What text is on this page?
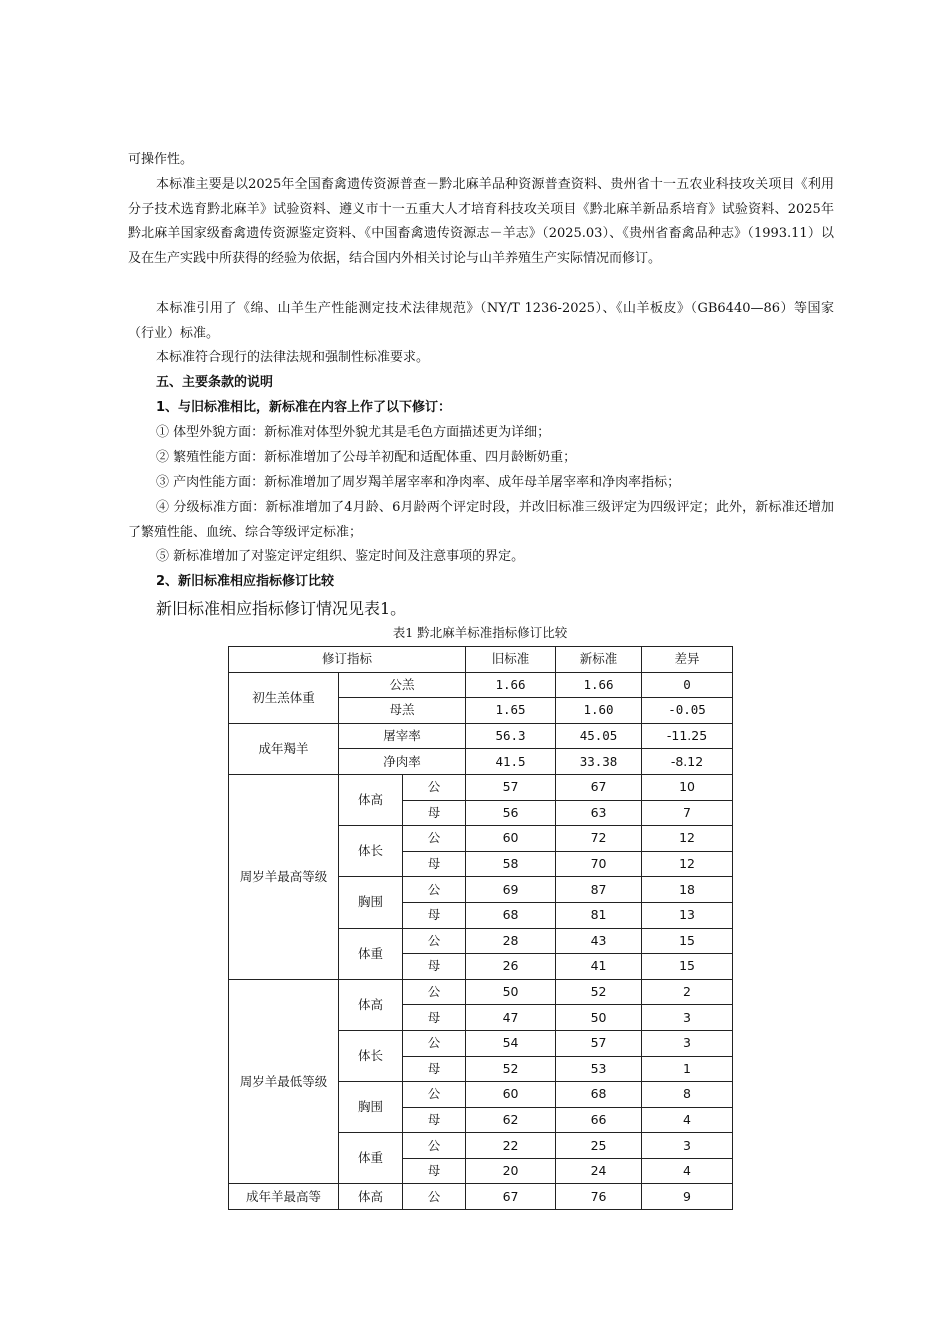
可操作性。

本标准主要是以2025年全国畜禽遗传资源普查－黔北麻羊品种资源普查资料、贵州省十一五农业科技攻关项目《利用分子技术选育黔北麻羊》试验资料、遵义市十一五重大人才培育科技攻关项目《黔北麻羊新品系培育》试验资料、2025年黔北麻羊国家级畜禽遗传资源鉴定资料、《中国畜禽遗传资源志－羊志》（2025.03）、《贵州省畜禽品种志》（1993.11）以及在生产实践中所获得的经验为依据，结合国内外相关讨论与山羊养殖生产实际情况而修订。

本标准引用了《绵、山羊生产性能测定技术法律规范》（NY/T 1236-2025）、《山羊板皮》（GB6440—86）等国家（行业）标准。

本标准符合现行的法律法规和强制性标准要求。

五、主要条款的说明

1、与旧标准相比，新标准在内容上作了以下修订：

① 体型外貌方面：新标准对体型外貌尤其是毛色方面描述更为详细；

② 繁殖性能方面：新标准增加了公母羊初配和适配体重、四月龄断奶重；

③ 产肉性能方面：新标准增加了周岁羯羊屠宰率和净肉率、成年母羊屠宰率和净肉率指标；

④ 分级标准方面：新标准增加了4月龄、6月龄两个评定时段，并改旧标准三级评定为四级评定；此外，新标准还增加了繁殖性能、血统、综合等级评定标准；

⑤ 新标准增加了对鉴定评定组织、鉴定时间及注意事项的界定。

2、新旧标准相应指标修订比较

新旧标准相应指标修订情况见表1。

表1 黔北麻羊标准指标修订比较
修订指标			旧标准	新标准	差异
初生羔体重	公羔		1.66	1.66	0
	母羔		1.65	1.60	-0.05
成年羯羊	屠宰率		56.3	45.05	-11.25
	净肉率		41.5	33.38	-8.12
周岁羊最高等级	体高	公	57	67	10
		母	56	63	7
	体长	公	60	72	12
		母	58	70	12
	胸围	公	69	87	18
		母	68	81	13
	体重	公	28	43	15
		母	26	41	15
周岁羊最低等级	体高	公	50	52	2
		母	47	50	3
	体长	公	54	57	3
		母	52	53	1
	胸围	公	60	68	8
		母	62	66	4
	体重	公	22	25	3
		母	20	24	4
成年羊最高等	体高	公	67	76	9
